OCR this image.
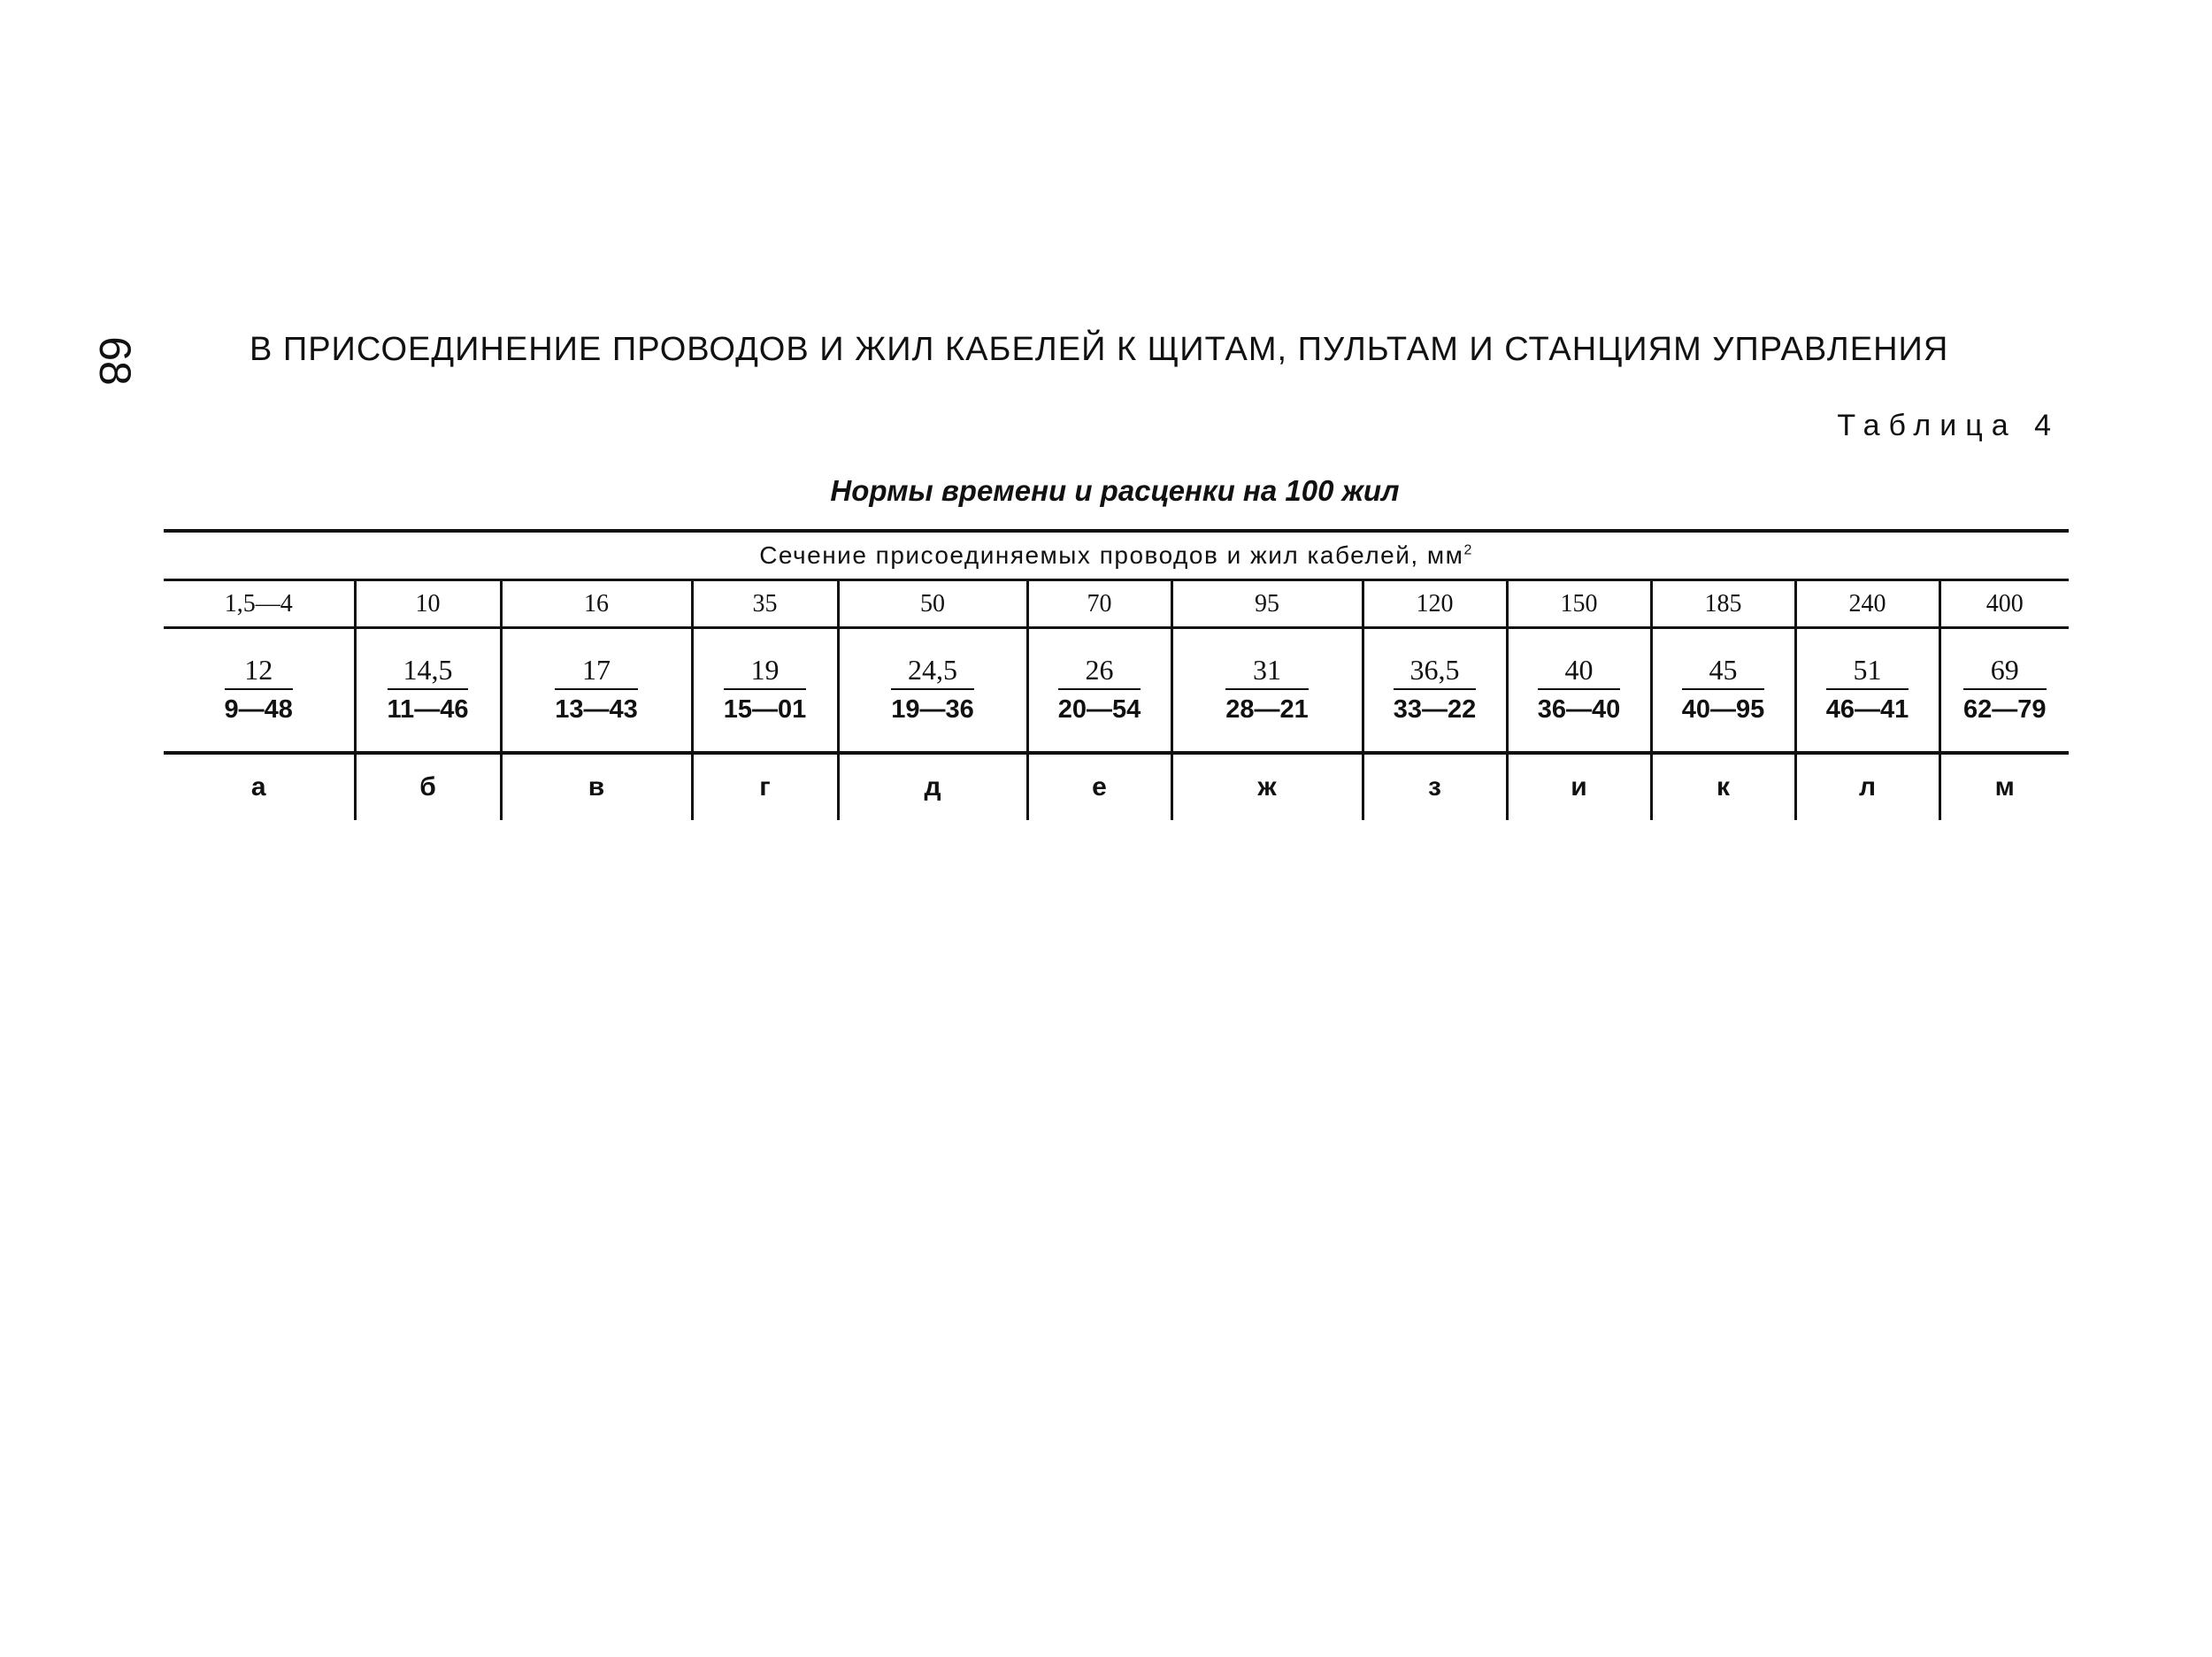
68	В ПРИСОЕДИНЕНИЕ ПРОВОДОВ И ЖИЛ КАБЕЛЕЙ К ЩИТАМ, ПУЛЬТАМ И СТАНЦИЯМ УПРАВЛЕНИЯ
Таблица 4
Нормы времени и расценки на 100 жил
Сечение присоединяемых проводов и жил кабелей, $мм^2$
1,5—4	10	16	35	50	70	95	120	150	185	240	400

$\frac{12}{9—48}$	$\frac{14,5}{11—46}$	$\frac{17}{13—43}$	$\frac{19}{15—01}$	$\frac{24,5}{19—36}$	$\frac{26}{20—54}$	$\frac{31}{28—21}$	$\frac{36,5}{33—22}$	$\frac{40}{36—40}$	$\frac{45}{40—95}$	$\frac{51}{46—41}$	$\frac{69}{62—79}$

а	б	в	г	д	е	ж	з	и	к	л	м
